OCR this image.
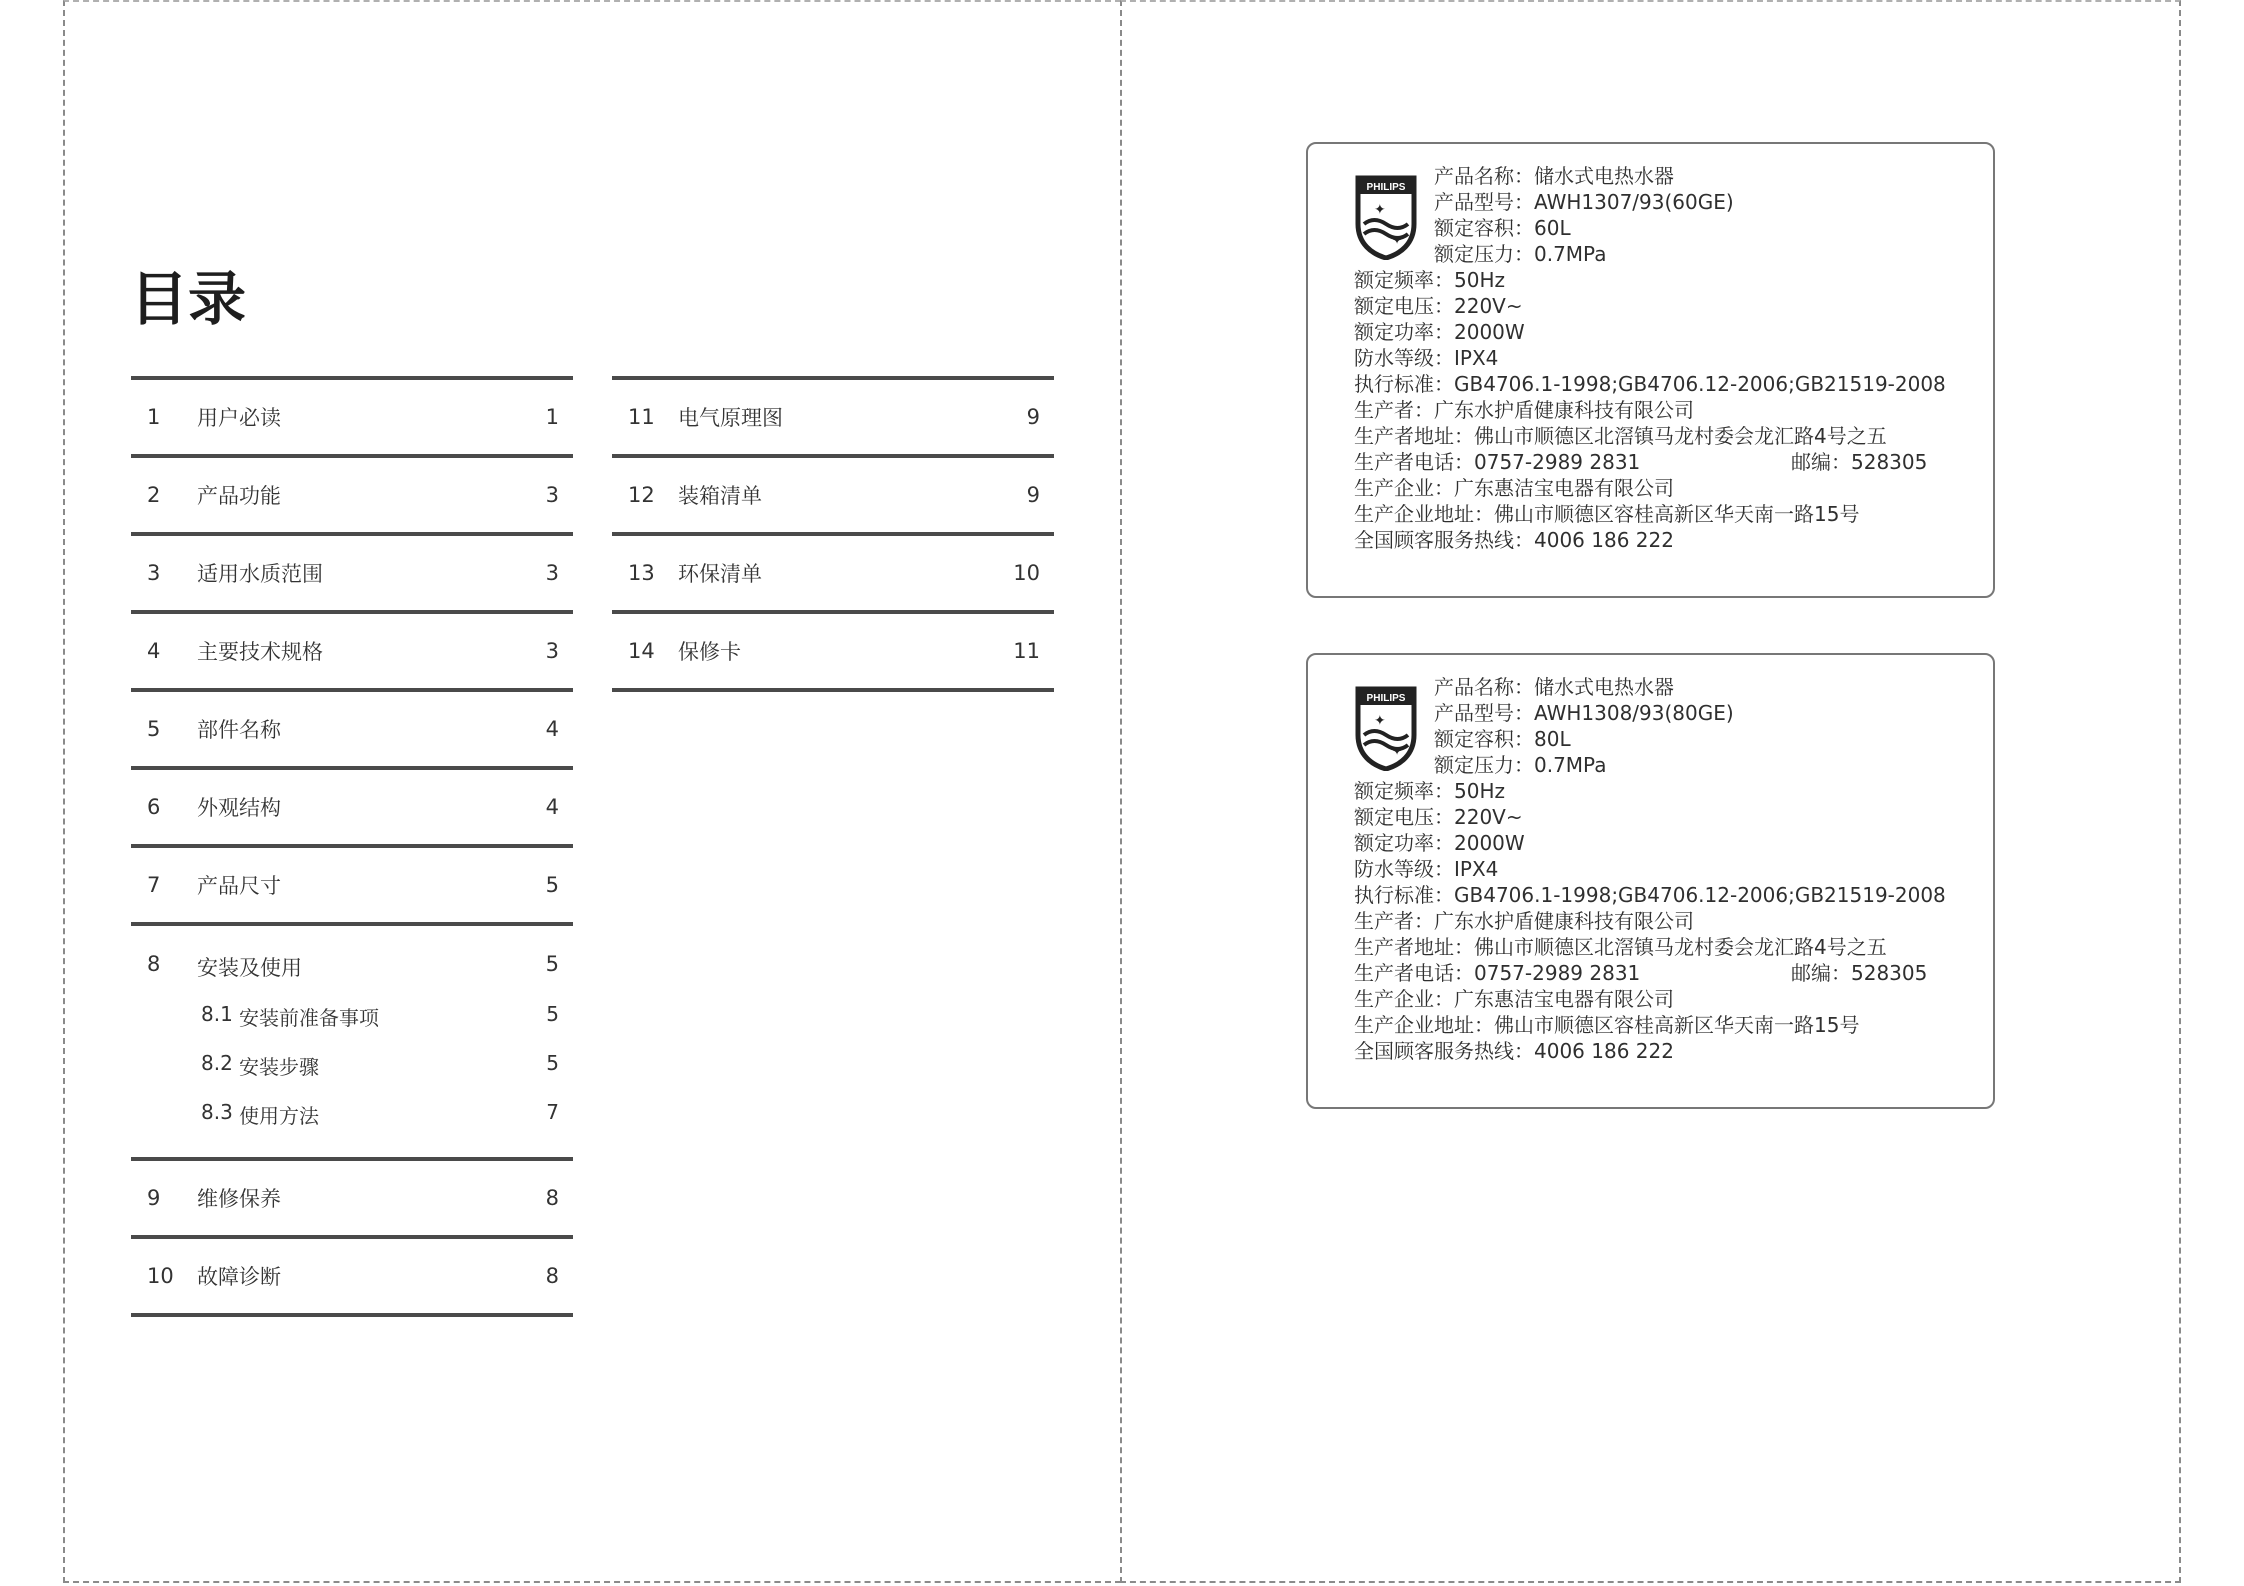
目录
1 用户必读	1
2 产品功能	3
3 适用水质范围	3
4 主要技术规格	3
5 部件名称	4
6 外观结构	4
7 产品尺寸	5
8 安装及使用	5
8.1 安装前准备事项	5
8.2 安装步骤	5
8.3 使用方法	7
9 维修保养	8
10 故障诊断	8
11 电气原理图	9
12 装箱清单	9
13 环保清单	10
14 保修卡	11
PHILIPS
✦
✦
产品名称：储水式电热水器
产品型号：AWH1307/93(60GE)
额定容积：60L
额定压力：0.7MPa
额定频率：50Hz
额定电压：220V~
额定功率：2000W
防水等级：IPX4
执行标准：GB4706.1-1998;GB4706.12-2006;GB21519-2008
生产者：广东水护盾健康科技有限公司
生产者地址：佛山市顺德区北滘镇马龙村委会龙汇路4号之五
生产者电话：0757-2989 2831	邮编：528305
生产企业：广东惠洁宝电器有限公司
生产企业地址：佛山市顺德区容桂高新区华天南一路15号
全国顾客服务热线：4006 186 222
PHILIPS
✦
✦
产品名称：储水式电热水器
产品型号：AWH1308/93(80GE)
额定容积：80L
额定压力：0.7MPa
额定频率：50Hz
额定电压：220V~
额定功率：2000W
防水等级：IPX4
执行标准：GB4706.1-1998;GB4706.12-2006;GB21519-2008
生产者：广东水护盾健康科技有限公司
生产者地址：佛山市顺德区北滘镇马龙村委会龙汇路4号之五
生产者电话：0757-2989 2831	邮编：528305
生产企业：广东惠洁宝电器有限公司
生产企业地址：佛山市顺德区容桂高新区华天南一路15号
全国顾客服务热线：4006 186 222
